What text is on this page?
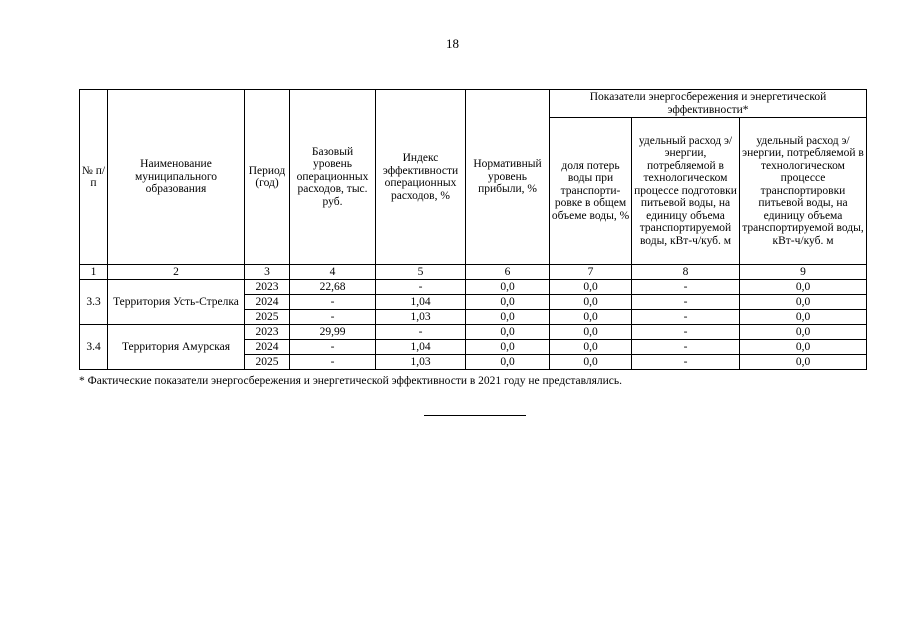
18
№ п/п	Наименование муниципального образования	Период (год)	Базовый уровень операционных расходов, тыс. руб.	Индекс эффективности операционных расходов, %	Нормативный уровень прибыли, %	Показатели энергосбережения и энергетической эффективности*		
						доля потерь воды при транспорти-ровке в общем объеме воды, %	удельный расход э/энергии, потребляемой в технологическом процессе подготовки питьевой воды, на единицу объема транспортируемой воды, кВт-ч/куб. м	удельный расход э/энергии, потребляемой в технологическом процессе транспортировки питьевой воды, на единицу объема транспортируемой воды, кВт-ч/куб. м
1	2	3	4	5	6	7	8	9
3.3	Территория Усть-Стрелка	2023	22,68	-	0,0	0,0	-	0,0
		2024	-	1,04	0,0	0,0	-	0,0
		2025	-	1,03	0,0	0,0	-	0,0
3.4	Территория Амурская	2023	29,99	-	0,0	0,0	-	0,0
		2024	-	1,04	0,0	0,0	-	0,0
		2025	-	1,03	0,0	0,0	-	0,0
* Фактические показатели энергосбережения и энергетической эффективности в 2021 году не представлялись.
